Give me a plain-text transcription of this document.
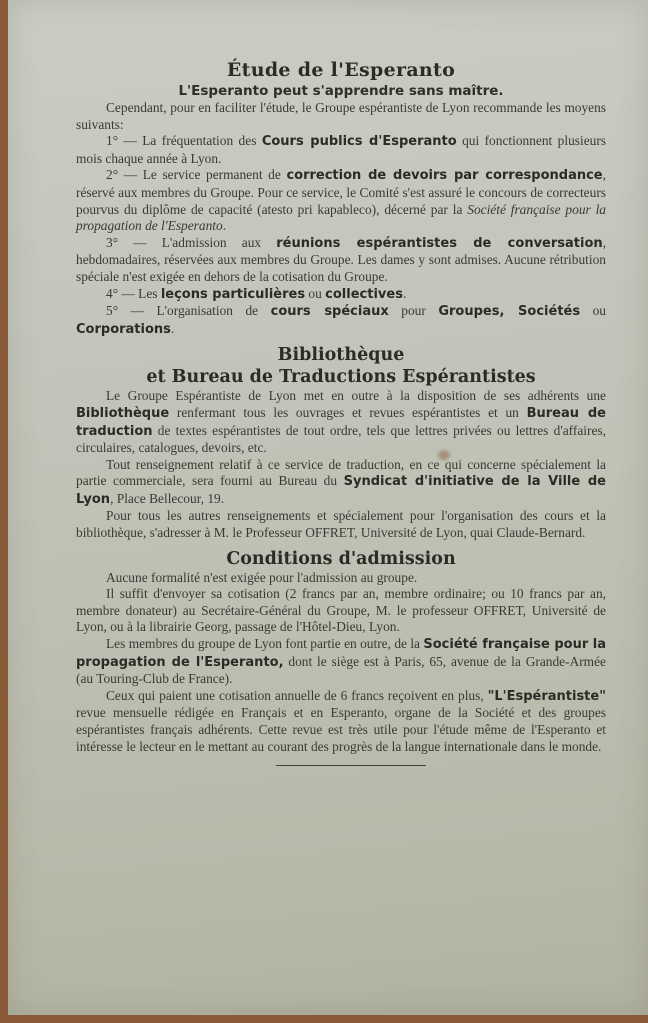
Étude de l'Esperanto
L'Esperanto peut s'apprendre sans maître.

Cependant, pour en faciliter l'étude, le Groupe espérantiste de Lyon recommande les moyens suivants:

1° — La fréquentation des Cours publics d'Esperanto qui fonctionnent plusieurs mois chaque année à Lyon.

2° — Le service permanent de correction de devoirs par correspondance, réservé aux membres du Groupe. Pour ce service, le Comité s'est assuré le concours de correcteurs pourvus du diplôme de capacité (atesto pri kapableco), décerné par la Société française pour la propagation de l'Esperanto.

3° — L'admission aux réunions espérantistes de conversation, hebdomadaires, réservées aux membres du Groupe. Les dames y sont admises. Aucune rétribution spéciale n'est exigée en dehors de la cotisation du Groupe.

4° — Les leçons particulières ou collectives.

5° — L'organisation de cours spéciaux pour Groupes, Sociétés ou Corporations.

Bibliothèque
et Bureau de Traductions Espérantistes

Le Groupe Espérantiste de Lyon met en outre à la disposition de ses adhérents une Bibliothèque renfermant tous les ouvrages et revues espérantistes et un Bureau de traduction de textes espérantistes de tout ordre, tels que lettres privées ou lettres d'affaires, circulaires, catalogues, devoirs, etc.

Tout renseignement relatif à ce service de traduction, en ce qui concerne spécialement la partie commerciale, sera fourni au Bureau du Syndicat d'initiative de la Ville de Lyon, Place Bellecour, 19.

Pour tous les autres renseignements et spécialement pour l'organisation des cours et la bibliothèque, s'adresser à M. le Professeur OFFRET, Université de Lyon, quai Claude-Bernard.

Conditions d'admission

Aucune formalité n'est exigée pour l'admission au groupe.

Il suffit d'envoyer sa cotisation (2 francs par an, membre ordinaire; ou 10 francs par an, membre donateur) au Secrétaire-Général du Groupe, M. le professeur OFFRET, Université de Lyon, ou à la librairie Georg, passage de l'Hôtel-Dieu, Lyon.

Les membres du groupe de Lyon font partie en outre, de la Société française pour la propagation de l'Esperanto, dont le siège est à Paris, 65, avenue de la Grande-Armée (au Touring-Club de France).

Ceux qui paient une cotisation annuelle de 6 francs reçoivent en plus, "L'Espérantiste" revue mensuelle rédigée en Français et en Esperanto, organe de la Société et des groupes espérantistes français adhérents. Cette revue est très utile pour l'étude même de l'Esperanto et intéresse le lecteur en le mettant au courant des progrès de la langue internationale dans le monde.
